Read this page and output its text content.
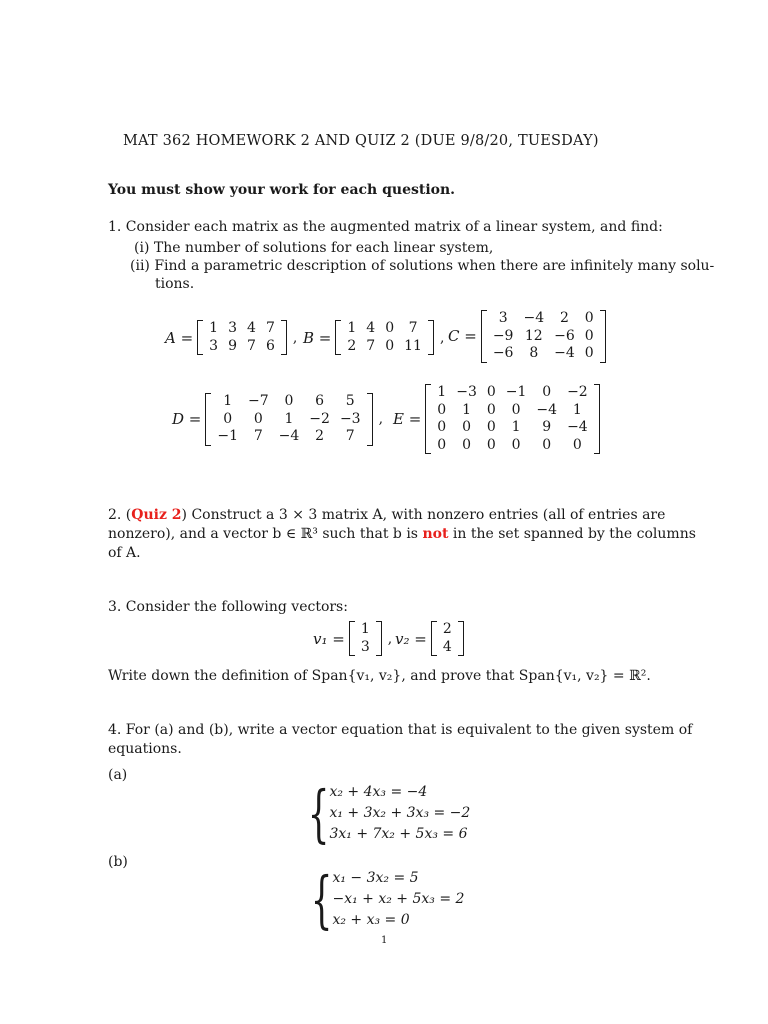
MAT 362 HOMEWORK 2 AND QUIZ 2 (DUE 9/8/20, TUESDAY)
You must show your work for each question.
1. Consider each matrix as the augmented matrix of a linear system, and find:
(i) The number of solutions for each linear system,
(ii) Find a parametric description of solutions when there are infinitely many solu-
tions.
A =
1	3	4	7
3	9	7	6 , B =
1	4	0	7
2	7	0	11 , C =
3	−4	2	0
−9	12	−6	0
−6	8	−4	0
D =
1	−7	0	6	5
0	0	1	−2	−3
−1	7	−4	2	7
, E =
1	−3	0	−1	0	−2
0	1	0	0	−4	1
0	0	0	1	9	−4
0	0	0	0	0	0
2. (Quiz 2) Construct a 3 × 3 matrix A, with nonzero entries (all of entries are
nonzero), and a vector b ∈ ℝ³ such that b is not in the set spanned by the columns
of A.
3. Consider the following vectors:
v₁ =
1
3 , v₂ =
2
4
Write down the definition of Span{v₁, v₂}, and prove that Span{v₁, v₂} = ℝ².
4. For (a) and (b), write a vector equation that is equivalent to the given system of
equations.
(a)
{ x₂ + 4x₃ = −4
x₁ + 3x₂ + 3x₃ = −2
3x₁ + 7x₂ + 5x₃ = 6
(b)
{ x₁ − 3x₂ = 5
−x₁ + x₂ + 5x₃ = 2
x₂ + x₃ = 0
1
